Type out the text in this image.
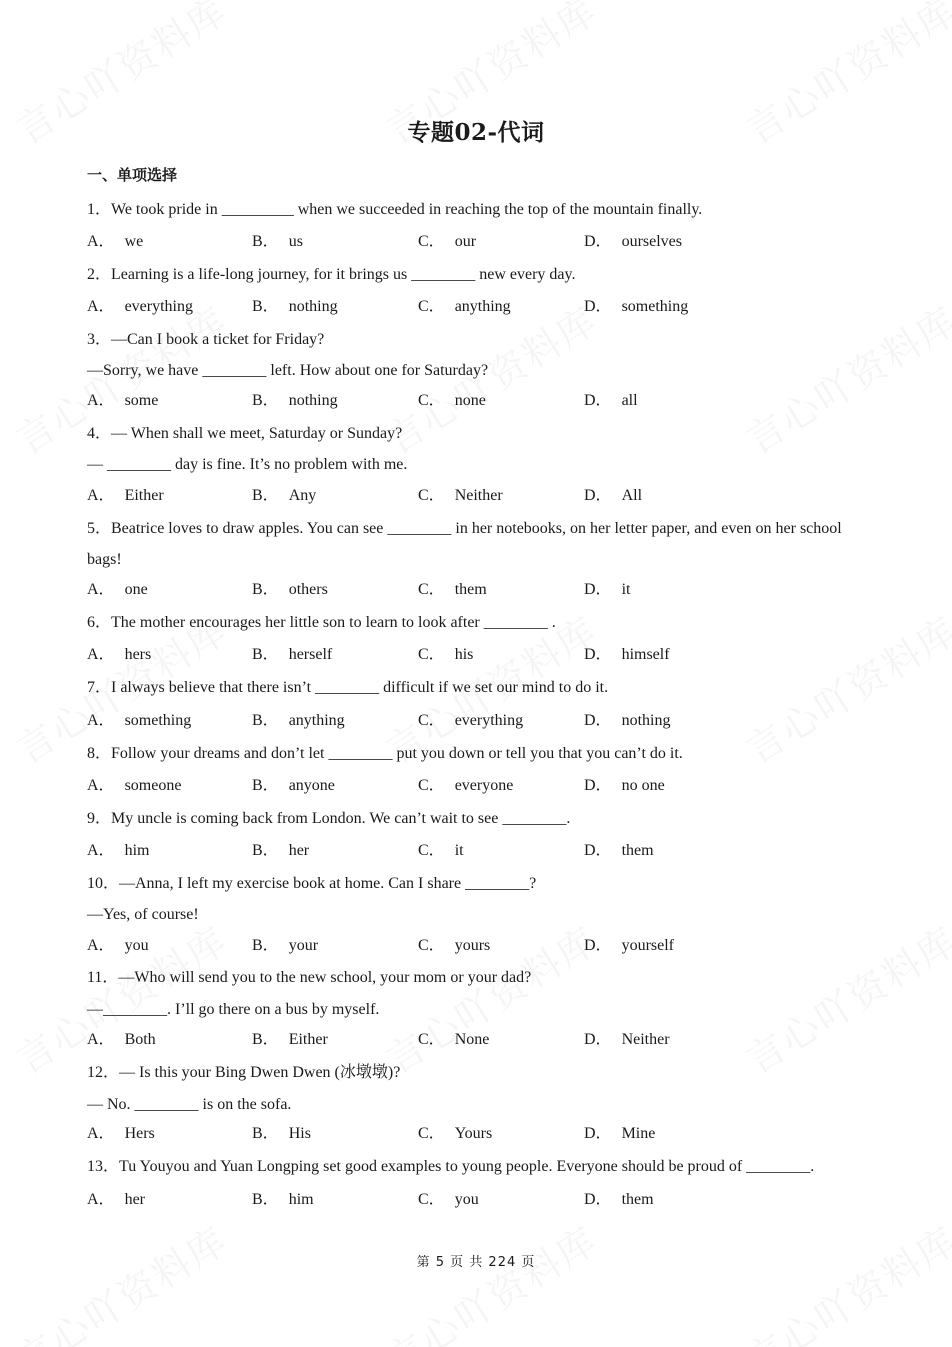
专题02-代词
一、单项选择
1．We took pride in _________ when we succeeded in reaching the top of the mountain finally.
A． we	B． us	C． our	D． ourselves
2．Learning is a life-long journey, for it brings us ________ new every day.
A． everything	B． nothing	C． anything	D． something
3．—Can I book a ticket for Friday?
—Sorry, we have ________ left. How about one for Saturday?
A． some	B． nothing	C． none	D． all
4．— When shall we meet, Saturday or Sunday?
— ________ day is fine. It’s no problem with me.
A． Either	B． Any	C． Neither	D． All
5．Beatrice loves to draw apples. You can see ________ in her notebooks, on her letter paper, and even on her school bags!
A． one	B． others	C． them	D． it
6．The mother encourages her little son to learn to look after ________ .
A． hers	B． herself	C． his	D． himself
7．I always believe that there isn’t ________ difficult if we set our mind to do it.
A． something	B． anything	C． everything	D． nothing
8．Follow your dreams and don’t let ________ put you down or tell you that you can’t do it.
A． someone	B． anyone	C． everyone	D． no one
9．My uncle is coming back from London. We can’t wait to see ________.
A． him	B． her	C． it	D． them
10．—Anna, I left my exercise book at home. Can I share ________?
—Yes, of course!
A． you	B． your	C． yours	D． yourself
11．—Who will send you to the new school, your mom or your dad?
—________. I’ll go there on a bus by myself.
A． Both	B． Either	C． None	D． Neither
12．— Is this your Bing Dwen Dwen (冰墩墩)?
— No. ________ is on the sofa.
A． Hers	B． His	C． Yours	D． Mine
13．Tu Youyou and Yuan Longping set good examples to young people. Everyone should be proud of ________.
A． her	B． him	C． you	D． them
第 5 页 共 224 页
